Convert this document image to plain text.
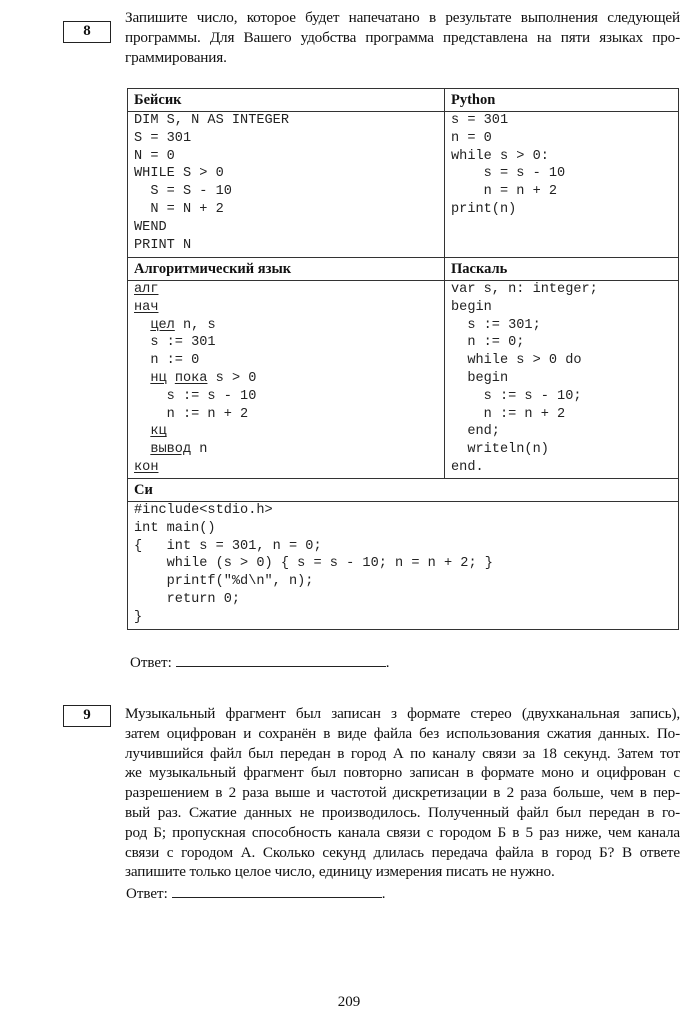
8
Запишите число, которое будет напечатано в результате выполнения следующей
программы. Для Вашего удобства программа представлена на пяти языках про-
граммирования.
Бейсик	Python

DIM S, N AS INTEGER
S = 301
N = 0
WHILE S > 0
S = S - 10
N = N + 2
WEND
PRINT N

s = 301
n = 0
while s > 0:
s = s - 10
n = n + 2
print(n)

Алгоритмический язык	Паскаль

алг
нач
цел n, s
s := 301
n := 0
нц пока s > 0
s := s - 10
n := n + 2
кц
вывод n
кон

var s, n: integer;
begin
s := 301;
n := 0;
while s > 0 do
begin
s := s - 10;
n := n + 2
end;
writeln(n)
end.

Си	

#include<stdio.h>
int main()
{   int s = 301, n = 0;
while (s > 0) { s = s - 10; n = n + 2; }
printf("%d\n", n);
return 0;
}
Ответ:	.
9	Музыкальный фрагмент был записан з формате стерео (двухканальная запись),
затем оцифрован и сохранён в виде файла без использования сжатия данных. По-
лучившийся файл был передан в город А по каналу связи за 18 секунд. Затем тот
же музыкальный фрагмент был повторно записан в формате моно и оцифрован с
разрешением в 2 раза выше и частотой дискретизации в 2 раза больше, чем в пер-
вый раз. Сжатие данных не производилось. Полученный файл был передан в го-
род Б; пропускная способность канала связи с городом Б в 5 раз ниже, чем канала
связи с городом А. Сколько секунд длилась передача файла в город Б? В ответе
запишите только целое число, единицу измерения писать не нужно.
Ответ:	.
209
